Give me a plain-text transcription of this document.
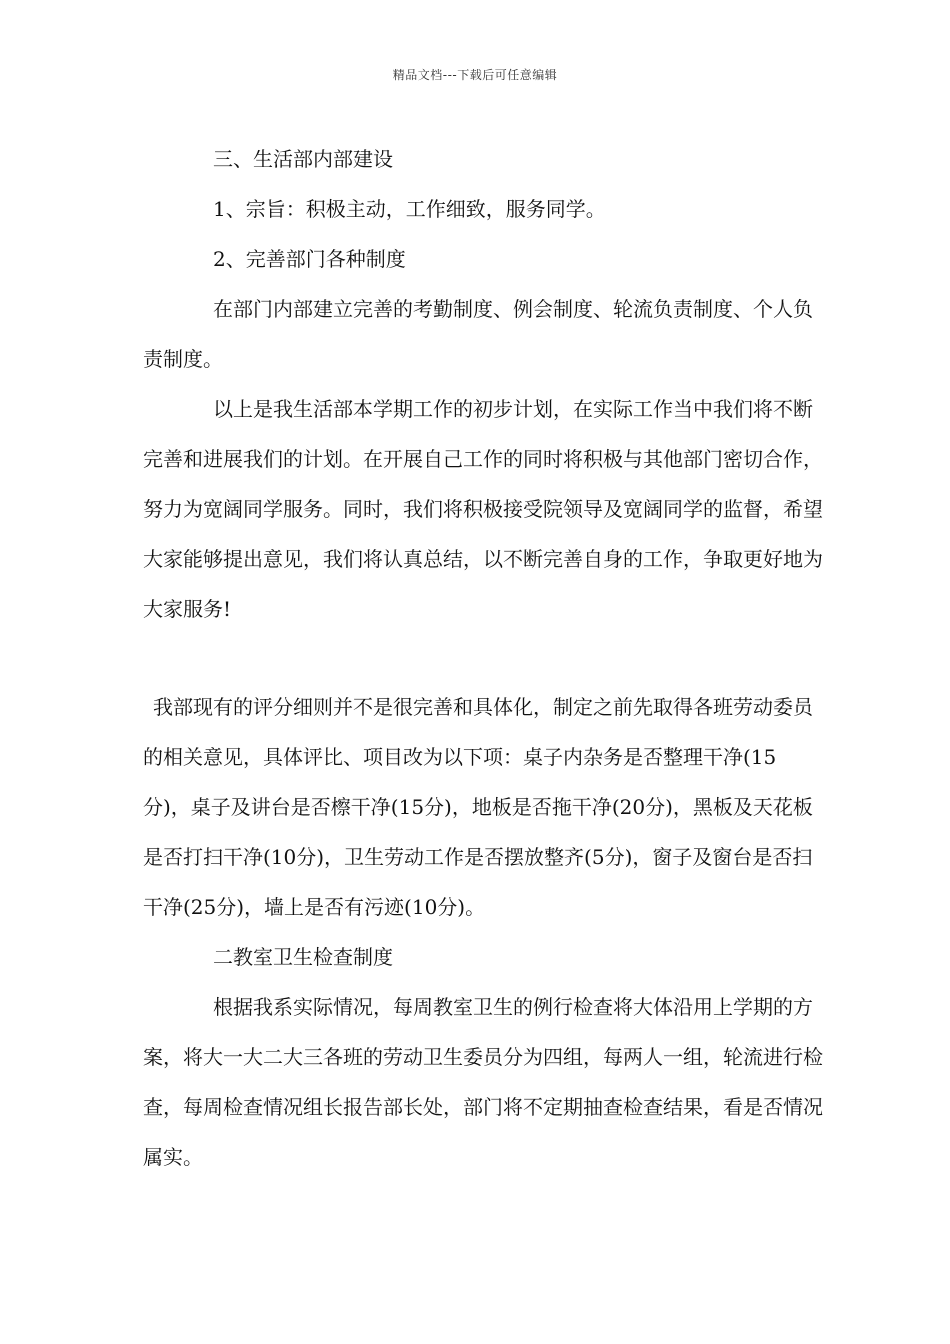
精品文档---下载后可任意编辑

三、生活部内部建设

1、宗旨：积极主动，工作细致，服务同学。

2、完善部门各种制度

在部门内部建立完善的考勤制度、例会制度、轮流负责制度、个人负责制度。

以上是我生活部本学期工作的初步计划，在实际工作当中我们将不断完善和进展我们的计划。在开展自己工作的同时将积极与其他部门密切合作，努力为宽阔同学服务。同时，我们将积极接受院领导及宽阔同学的监督，希望大家能够提出意见，我们将认真总结，以不断完善自身的工作，争取更好地为大家服务!

我部现有的评分细则并不是很完善和具体化，制定之前先取得各班劳动委员的相关意见，具体评比、项目改为以下项：桌子内杂务是否整理干净(15分)，桌子及讲台是否檫干净(15分)，地板是否拖干净(20分)，黑板及天花板是否打扫干净(10分)，卫生劳动工作是否摆放整齐(5分)，窗子及窗台是否扫干净(25分)，墙上是否有污迹(10分)。

二教室卫生检查制度

根据我系实际情况，每周教室卫生的例行检查将大体沿用上学期的方案，将大一大二大三各班的劳动卫生委员分为四组，每两人一组，轮流进行检查，每周检查情况组长报告部长处，部门将不定期抽查检查结果，看是否情况属实。
